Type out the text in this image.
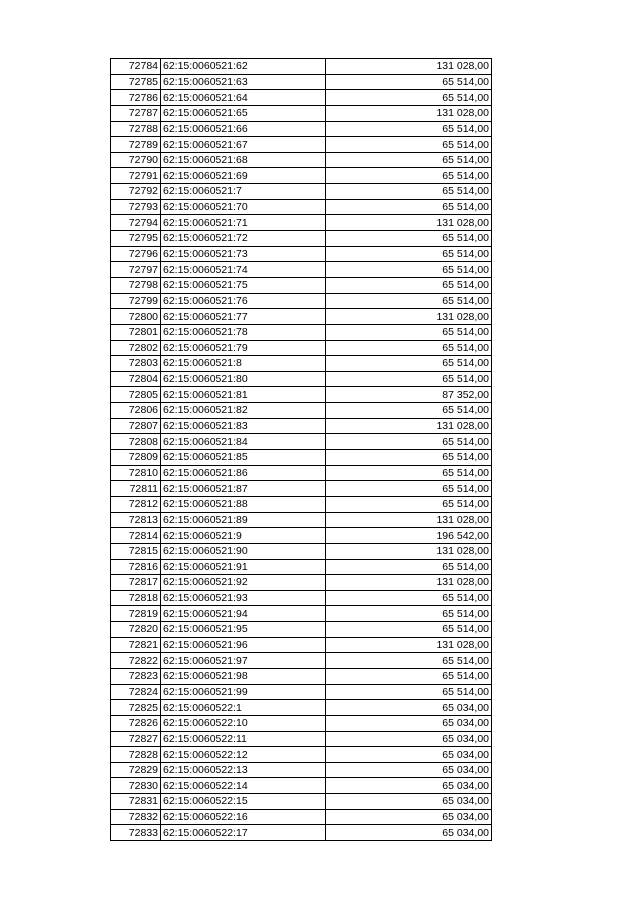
72784	62:15:0060521:62	131 028,00
72785	62:15:0060521:63	65 514,00
72786	62:15:0060521:64	65 514,00
72787	62:15:0060521:65	131 028,00
72788	62:15:0060521:66	65 514,00
72789	62:15:0060521:67	65 514,00
72790	62:15:0060521:68	65 514,00
72791	62:15:0060521:69	65 514,00
72792	62:15:0060521:7	65 514,00
72793	62:15:0060521:70	65 514,00
72794	62:15:0060521:71	131 028,00
72795	62:15:0060521:72	65 514,00
72796	62:15:0060521:73	65 514,00
72797	62:15:0060521:74	65 514,00
72798	62:15:0060521:75	65 514,00
72799	62:15:0060521:76	65 514,00
72800	62:15:0060521:77	131 028,00
72801	62:15:0060521:78	65 514,00
72802	62:15:0060521:79	65 514,00
72803	62:15:0060521:8	65 514,00
72804	62:15:0060521:80	65 514,00
72805	62:15:0060521:81	87 352,00
72806	62:15:0060521:82	65 514,00
72807	62:15:0060521:83	131 028,00
72808	62:15:0060521:84	65 514,00
72809	62:15:0060521:85	65 514,00
72810	62:15:0060521:86	65 514,00
72811	62:15:0060521:87	65 514,00
72812	62:15:0060521:88	65 514,00
72813	62:15:0060521:89	131 028,00
72814	62:15:0060521:9	196 542,00
72815	62:15:0060521:90	131 028,00
72816	62:15:0060521:91	65 514,00
72817	62:15:0060521:92	131 028,00
72818	62:15:0060521:93	65 514,00
72819	62:15:0060521:94	65 514,00
72820	62:15:0060521:95	65 514,00
72821	62:15:0060521:96	131 028,00
72822	62:15:0060521:97	65 514,00
72823	62:15:0060521:98	65 514,00
72824	62:15:0060521:99	65 514,00
72825	62:15:0060522:1	65 034,00
72826	62:15:0060522:10	65 034,00
72827	62:15:0060522:11	65 034,00
72828	62:15:0060522:12	65 034,00
72829	62:15:0060522:13	65 034,00
72830	62:15:0060522:14	65 034,00
72831	62:15:0060522:15	65 034,00
72832	62:15:0060522:16	65 034,00
72833	62:15:0060522:17	65 034,00
